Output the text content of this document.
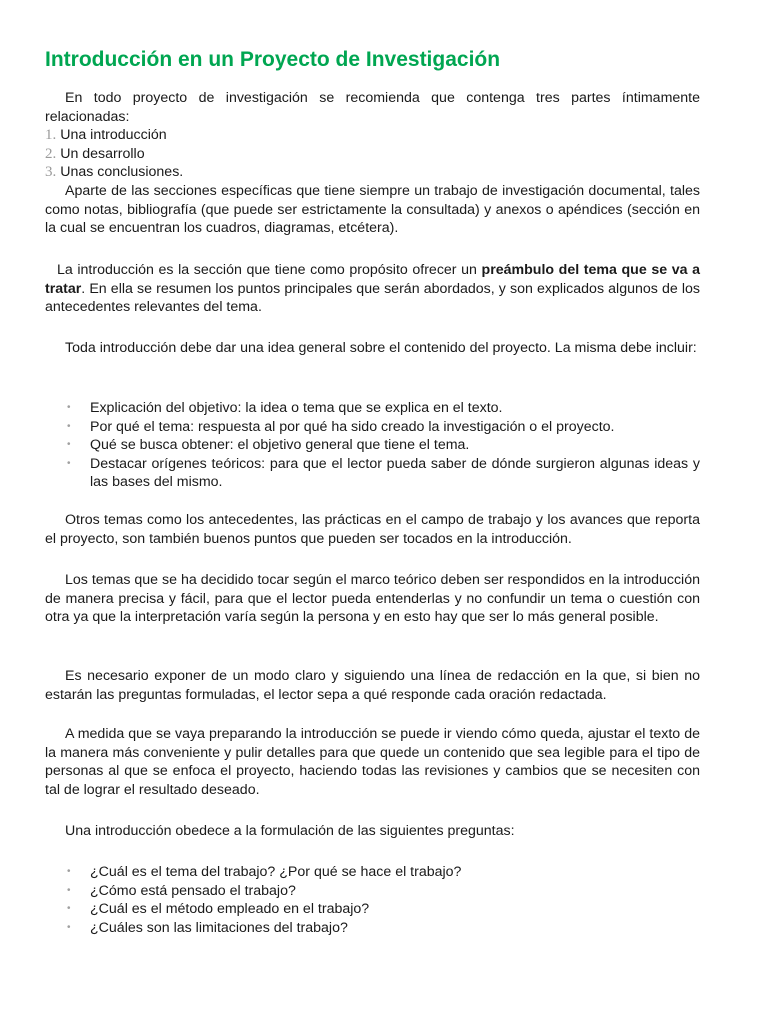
Introducción en un Proyecto de Investigación
En todo proyecto de investigación se recomienda que contenga tres partes íntimamente relacionadas:
1. Una introducción
2. Un desarrollo
3. Unas conclusiones.
Aparte de las secciones específicas que tiene siempre un trabajo de investigación documental, tales como notas, bibliografía (que puede ser estrictamente la consultada) y anexos o apéndices (sección en la cual se encuentran los cuadros, diagramas, etcétera).

La introducción es la sección que tiene como propósito ofrecer un preámbulo del tema que se va a tratar. En ella se resumen los puntos principales que serán abordados, y son explicados algunos de los antecedentes relevantes del tema.

Toda introducción debe dar una idea general sobre el contenido del proyecto. La misma debe incluir:

• Explicación del objetivo: la idea o tema que se explica en el texto.
• Por qué el tema: respuesta al por qué ha sido creado la investigación o el proyecto.
• Qué se busca obtener: el objetivo general que tiene el tema.
• Destacar orígenes teóricos: para que el lector pueda saber de dónde surgieron algunas ideas y las bases del mismo.

Otros temas como los antecedentes, las prácticas en el campo de trabajo y los avances que reporta el proyecto, son también buenos puntos que pueden ser tocados en la introducción.

Los temas que se ha decidido tocar según el marco teórico deben ser respondidos en la introducción de manera precisa y fácil, para que el lector pueda entenderlas y no confundir un tema o cuestión con otra ya que la interpretación varía según la persona y en esto hay que ser lo más general posible.

Es necesario exponer de un modo claro y siguiendo una línea de redacción en la que, si bien no estarán las preguntas formuladas, el lector sepa a qué responde cada oración redactada.

A medida que se vaya preparando la introducción se puede ir viendo cómo queda, ajustar el texto de la manera más conveniente y pulir detalles para que quede un contenido que sea legible para el tipo de personas al que se enfoca el proyecto, haciendo todas las revisiones y cambios que se necesiten con tal de lograr el resultado deseado.

Una introducción obedece a la formulación de las siguientes preguntas:

• ¿Cuál es el tema del trabajo? ¿Por qué se hace el trabajo?
• ¿Cómo está pensado el trabajo?
• ¿Cuál es el método empleado en el trabajo?
• ¿Cuáles son las limitaciones del trabajo?
